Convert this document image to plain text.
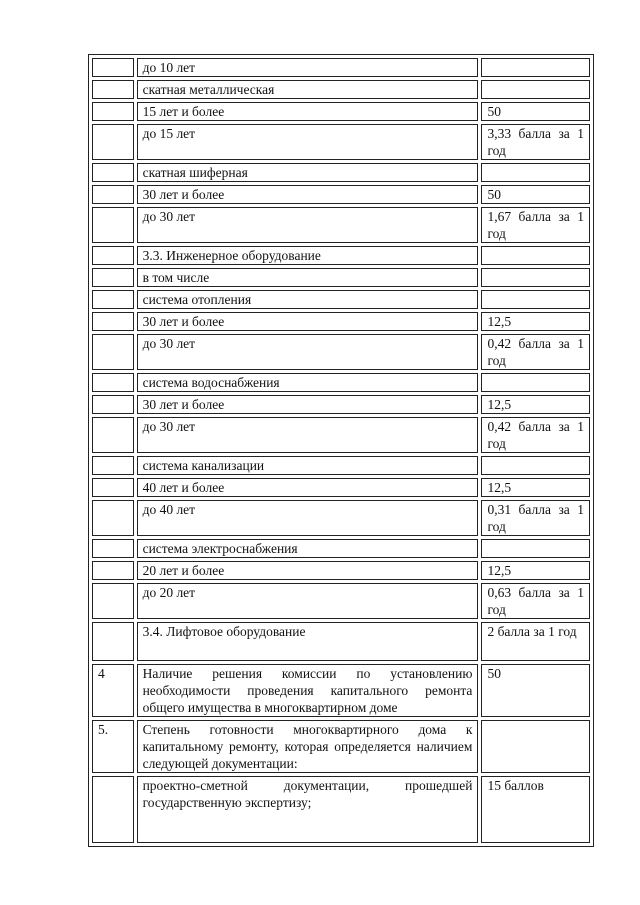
	до 10 лет	
	скатная металлическая	
	15 лет и более	50
	до 15 лет	3,33 балла за 1 год
	скатная шиферная	
	30 лет и более	50
	до 30 лет	1,67 балла за 1 год
	3.3. Инженерное оборудование	
	в том числе	
	система отопления	
	30 лет и более	12,5
	до 30 лет	0,42 балла за 1 год
	система водоснабжения	
	30 лет и более	12,5
	до 30 лет	0,42 балла за 1 год
	система канализации	
	40 лет и более	12,5
	до 40 лет	0,31 балла за 1 год
	система электроснабжения	
	20 лет и более	12,5
	до 20 лет	0,63 балла за 1 год
	3.4. Лифтовое оборудование	2 балла за 1 год
4	Наличие решения комиссии по установлению необходимости проведения капитального ремонта общего имущества в многоквартирном доме	50
5.	Степень готовности многоквартирного дома к капитальному ремонту, которая определяется наличием следующей документации:	
	проектно-сметной документации, прошедшей государственную экспертизу;	15 баллов
